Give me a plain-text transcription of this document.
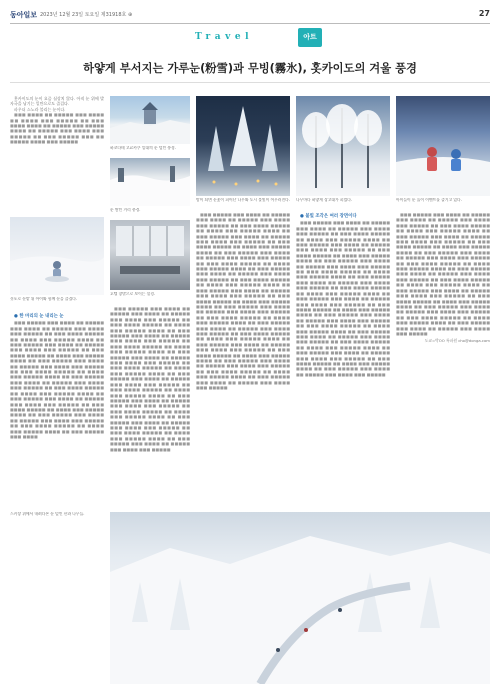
동아일보 2023년 12월 23일 토요일 제31918호 ⊕	27
Travel	아트
하얗게 부서지는 가루눈(粉雪)과 무빙(霧氷), 홋카이도의 겨울 풍경

홋카이도의 눈이 요즘 심상치 않다. 아직 눈 위에 발자국을 남기는 일만으로도 즐겁다.

파우더 스노라 불리는 눈이다.

■■■ ■■■■ ■■ ■■■■■ ■■■ ■■■■ ■■ ■■■■ ■■■ ■■■■■ ■■ ■■■ ■■■■ ■■■■ ■■ ■■■■■ ■■■ ■■■■■ ■■■■ ■■ ■■■■■ ■■■ ■■■■ ■■■ ■■■■■ ■■ ■■■ ■■■■■ ■■■ ■■ ■■■■■ ■■■■ ■■■ ■■■■■

삿포로 눈밭 위 아이와 함께 눈을 즐겼다.

● 한 마리의 눈 내리는 눈

■■■ ■■■■■ ■■■ ■■■■ ■■ ■■■■■ ■■■ ■■■■ ■■ ■■■■■ ■■■ ■■■■ ■■■ ■■■■■ ■■ ■■■ ■■■■ ■■■■■ ■■ ■■■■ ■■■ ■■■■■ ■■■■ ■■ ■■■ ■■■■■ ■■■ ■■■■ ■■ ■■■■■ ■■■ ■■■■ ■■■ ■■■■■ ■■ ■■■ ■■■■ ■■■■■ ■■ ■■■■ ■■■ ■■■■■ ■■■■ ■■ ■■■ ■■■■■ ■■■ ■■■■ ■■ ■■■■■ ■■■ ■■■■ ■■■ ■■■■■ ■■ ■■■ ■■■■ ■■■■■ ■■ ■■■■ ■■■ ■■■■■ ■■■■ ■■ ■■■ ■■■■■ ■■■ ■■■■ ■■ ■■■■■ ■■■ ■■■■ ■■■ ■■■■■ ■■ ■■■ ■■■■ ■■■■■ ■■ ■■■■ ■■■ ■■■■■ ■■■■ ■■ ■■■ ■■■■■ ■■■ ■■■■ ■■ ■■■■■ ■■■ ■■■■ ■■■ ■■■■■ ■■ ■■■ ■■■■ ■■■■■ ■■ ■■■■ ■■■ ■■■■■ ■■■■ ■■ ■■■ ■■■■■ ■■■ ■■■■ ■■ ■■■■■ ■■■ ■■■■ ■■■ ■■■■■ ■■ ■■■ ■■■■ ■■■■■ ■■ ■■■■ ■■■ ■■■■■ ■■■■ ■■ ■■■ ■■■■■ ■■■ ■■■■

하코다테 고료카쿠 일대의 눈 덮인 풍경.
눈 쌓인 거리 풍경.
호텔 창밖으로 보이는 설경.

■■■ ■■■■■ ■■■ ■■■■ ■■ ■■■■■ ■■■ ■■■■ ■■ ■■■■■ ■■■ ■■■■ ■■■ ■■■■■ ■■ ■■■ ■■■■ ■■■■■ ■■ ■■■■ ■■■ ■■■■■ ■■■■ ■■ ■■■ ■■■■■ ■■■ ■■■■ ■■ ■■■■■ ■■■ ■■■■ ■■■ ■■■■■ ■■ ■■■ ■■■■ ■■■■■ ■■ ■■■■ ■■■ ■■■■■ ■■■■ ■■ ■■■ ■■■■■ ■■■ ■■■■ ■■ ■■■■■ ■■■ ■■■■ ■■■ ■■■■■ ■■ ■■■ ■■■■ ■■■■■ ■■ ■■■■ ■■■ ■■■■■ ■■■■ ■■ ■■■ ■■■■■ ■■■ ■■■■ ■■ ■■■■■ ■■■ ■■■■ ■■■ ■■■■■ ■■ ■■■ ■■■■ ■■■■■ ■■ ■■■■ ■■■ ■■■■■ ■■■■ ■■ ■■■ ■■■■■ ■■■ ■■■■ ■■ ■■■■■ ■■■ ■■■■ ■■■ ■■■■■ ■■ ■■■ ■■■■ ■■■■■ ■■ ■■■■ ■■■ ■■■■■ ■■■■ ■■ ■■■ ■■■■■ ■■■ ■■■■ ■■ ■■■■■ ■■■ ■■■■ ■■■ ■■■■■ ■■ ■■■ ■■■■ ■■■■■ ■■ ■■■■ ■■■ ■■■■■ ■■■■ ■■ ■■■ ■■■■■ ■■■ ■■■■ ■■ ■■■■■ ■■■ ■■■■ ■■■ ■■■■■

밤이 되면 눈꽃이 피어난 나무와 도시 불빛이 어우러진다. 나무마다 하얗게 상고대가 피었다.	아이들이 눈 놀이 이벤트를 즐기고 있다.

■■■ ■■■■■ ■■■ ■■■■ ■■ ■■■■■ ■■■ ■■■■ ■■ ■■■■■ ■■■ ■■■■ ■■■ ■■■■■ ■■ ■■■ ■■■■ ■■■■■ ■■ ■■■■ ■■■ ■■■■■ ■■■■ ■■ ■■■ ■■■■■ ■■■ ■■■■ ■■ ■■■■■ ■■■ ■■■■ ■■■ ■■■■■ ■■ ■■■ ■■■■ ■■■■■ ■■ ■■■■ ■■■ ■■■■■ ■■■■ ■■ ■■■ ■■■■■ ■■■ ■■■■ ■■ ■■■■■ ■■■ ■■■■ ■■■ ■■■■■ ■■ ■■■ ■■■■ ■■■■■ ■■ ■■■■ ■■■ ■■■■■ ■■■■ ■■ ■■■ ■■■■■ ■■■ ■■■■ ■■ ■■■■■ ■■■ ■■■■ ■■■ ■■■■■ ■■ ■■■ ■■■■ ■■■■■ ■■ ■■■■ ■■■ ■■■■■ ■■■■ ■■ ■■■ ■■■■■ ■■■ ■■■■ ■■ ■■■■■ ■■■ ■■■■ ■■■ ■■■■■ ■■ ■■■ ■■■■ ■■■■■ ■■ ■■■■ ■■■ ■■■■■ ■■■■ ■■ ■■■ ■■■■■ ■■■ ■■■■ ■■ ■■■■■ ■■■ ■■■■ ■■■ ■■■■■ ■■ ■■■ ■■■■ ■■■■■ ■■ ■■■■ ■■■ ■■■■■ ■■■■ ■■ ■■■ ■■■■■ ■■■ ■■■■ ■■ ■■■■■ ■■■ ■■■■ ■■■ ■■■■■ ■■ ■■■ ■■■■ ■■■■■ ■■ ■■■■ ■■■ ■■■■■ ■■■■ ■■ ■■■ ■■■■■ ■■■ ■■■■ ■■ ■■■■■ ■■■ ■■■■ ■■■ ■■■■■ ■■ ■■■ ■■■■ ■■■■■ ■■ ■■■■ ■■■ ■■■■■ ■■■■ ■■ ■■■ ■■■■■ ■■■ ■■■■ ■■ ■■■■■ ■■■ ■■■■ ■■■ ■■■■■ ■■ ■■■ ■■■■ ■■■■■ ■■ ■■■■ ■■■ ■■■■■ ■■■■ ■■ ■■■ ■■■■■ ■■■ ■■■■ ■■ ■■■■■ ■■■ ■■■■ ■■■ ■■■■■

● 불빛 조각은 여러 장면이다

■■■ ■■■■■ ■■■ ■■■■ ■■ ■■■■■ ■■■ ■■■■ ■■ ■■■■■ ■■■ ■■■■ ■■■ ■■■■■ ■■ ■■■ ■■■■ ■■■■■ ■■ ■■■■ ■■■ ■■■■■ ■■■■ ■■ ■■■ ■■■■■ ■■■ ■■■■ ■■ ■■■■■ ■■■ ■■■■ ■■■ ■■■■■ ■■ ■■■ ■■■■ ■■■■■ ■■ ■■■■ ■■■ ■■■■■ ■■■■ ■■ ■■■ ■■■■■ ■■■ ■■■■ ■■ ■■■■■ ■■■ ■■■■ ■■■ ■■■■■ ■■ ■■■ ■■■■ ■■■■■ ■■ ■■■■ ■■■ ■■■■■ ■■■■ ■■ ■■■ ■■■■■ ■■■ ■■■■ ■■ ■■■■■ ■■■ ■■■■ ■■■ ■■■■■ ■■ ■■■ ■■■■ ■■■■■ ■■ ■■■■ ■■■ ■■■■■ ■■■■ ■■ ■■■ ■■■■■ ■■■ ■■■■ ■■ ■■■■■ ■■■ ■■■■ ■■■ ■■■■■ ■■ ■■■ ■■■■ ■■■■■ ■■ ■■■■ ■■■ ■■■■■ ■■■■ ■■ ■■■ ■■■■■ ■■■ ■■■■ ■■ ■■■■■ ■■■ ■■■■ ■■■ ■■■■■ ■■ ■■■ ■■■■ ■■■■■ ■■ ■■■■ ■■■ ■■■■■ ■■■■ ■■ ■■■ ■■■■■ ■■■ ■■■■ ■■ ■■■■■ ■■■ ■■■■ ■■■ ■■■■■ ■■ ■■■ ■■■■ ■■■■■ ■■ ■■■■ ■■■ ■■■■■ ■■■■ ■■ ■■■ ■■■■■ ■■■ ■■■■ ■■ ■■■■■ ■■■ ■■■■ ■■■ ■■■■■ ■■ ■■■ ■■■■ ■■■■■ ■■ ■■■■ ■■■ ■■■■■ ■■■■ ■■ ■■■ ■■■■■ ■■■ ■■■■ ■■ ■■■■■ ■■■ ■■■■ ■■■ ■■■■■

■■■ ■■■■■ ■■■ ■■■■ ■■ ■■■■■ ■■■ ■■■■ ■■ ■■■■■ ■■■ ■■■■ ■■■ ■■■■■ ■■ ■■■ ■■■■ ■■■■■ ■■ ■■■■ ■■■ ■■■■■ ■■■■ ■■ ■■■ ■■■■■ ■■■ ■■■■ ■■ ■■■■■ ■■■ ■■■■ ■■■ ■■■■■ ■■ ■■■ ■■■■ ■■■■■ ■■ ■■■■ ■■■ ■■■■■ ■■■■ ■■ ■■■ ■■■■■ ■■■ ■■■■ ■■ ■■■■■ ■■■ ■■■■ ■■■ ■■■■■ ■■ ■■■ ■■■■ ■■■■■ ■■ ■■■■ ■■■ ■■■■■ ■■■■ ■■ ■■■ ■■■■■ ■■■ ■■■■ ■■ ■■■■■ ■■■ ■■■■ ■■■ ■■■■■ ■■ ■■■ ■■■■ ■■■■■ ■■ ■■■■ ■■■ ■■■■■ ■■■■ ■■ ■■■ ■■■■■ ■■■ ■■■■ ■■ ■■■■■ ■■■ ■■■■ ■■■ ■■■■■ ■■ ■■■ ■■■■ ■■■■■ ■■ ■■■■ ■■■ ■■■■■ ■■■■ ■■ ■■■ ■■■■■ ■■■ ■■■■ ■■ ■■■■■ ■■■ ■■■■ ■■■ ■■■■■ ■■ ■■■ ■■■■ ■■■■■ ■■ ■■■■ ■■■ ■■■■■ ■■■■ ■■ ■■■ ■■■■■ ■■■ ■■■■ ■■ ■■■■■ ■■■ ■■■■ ■■■ ■■■■■

도쿄=박OO 특파원 cho@donga.com

스키장 위에서 내려다본 눈 덮인 산과 나무들.
